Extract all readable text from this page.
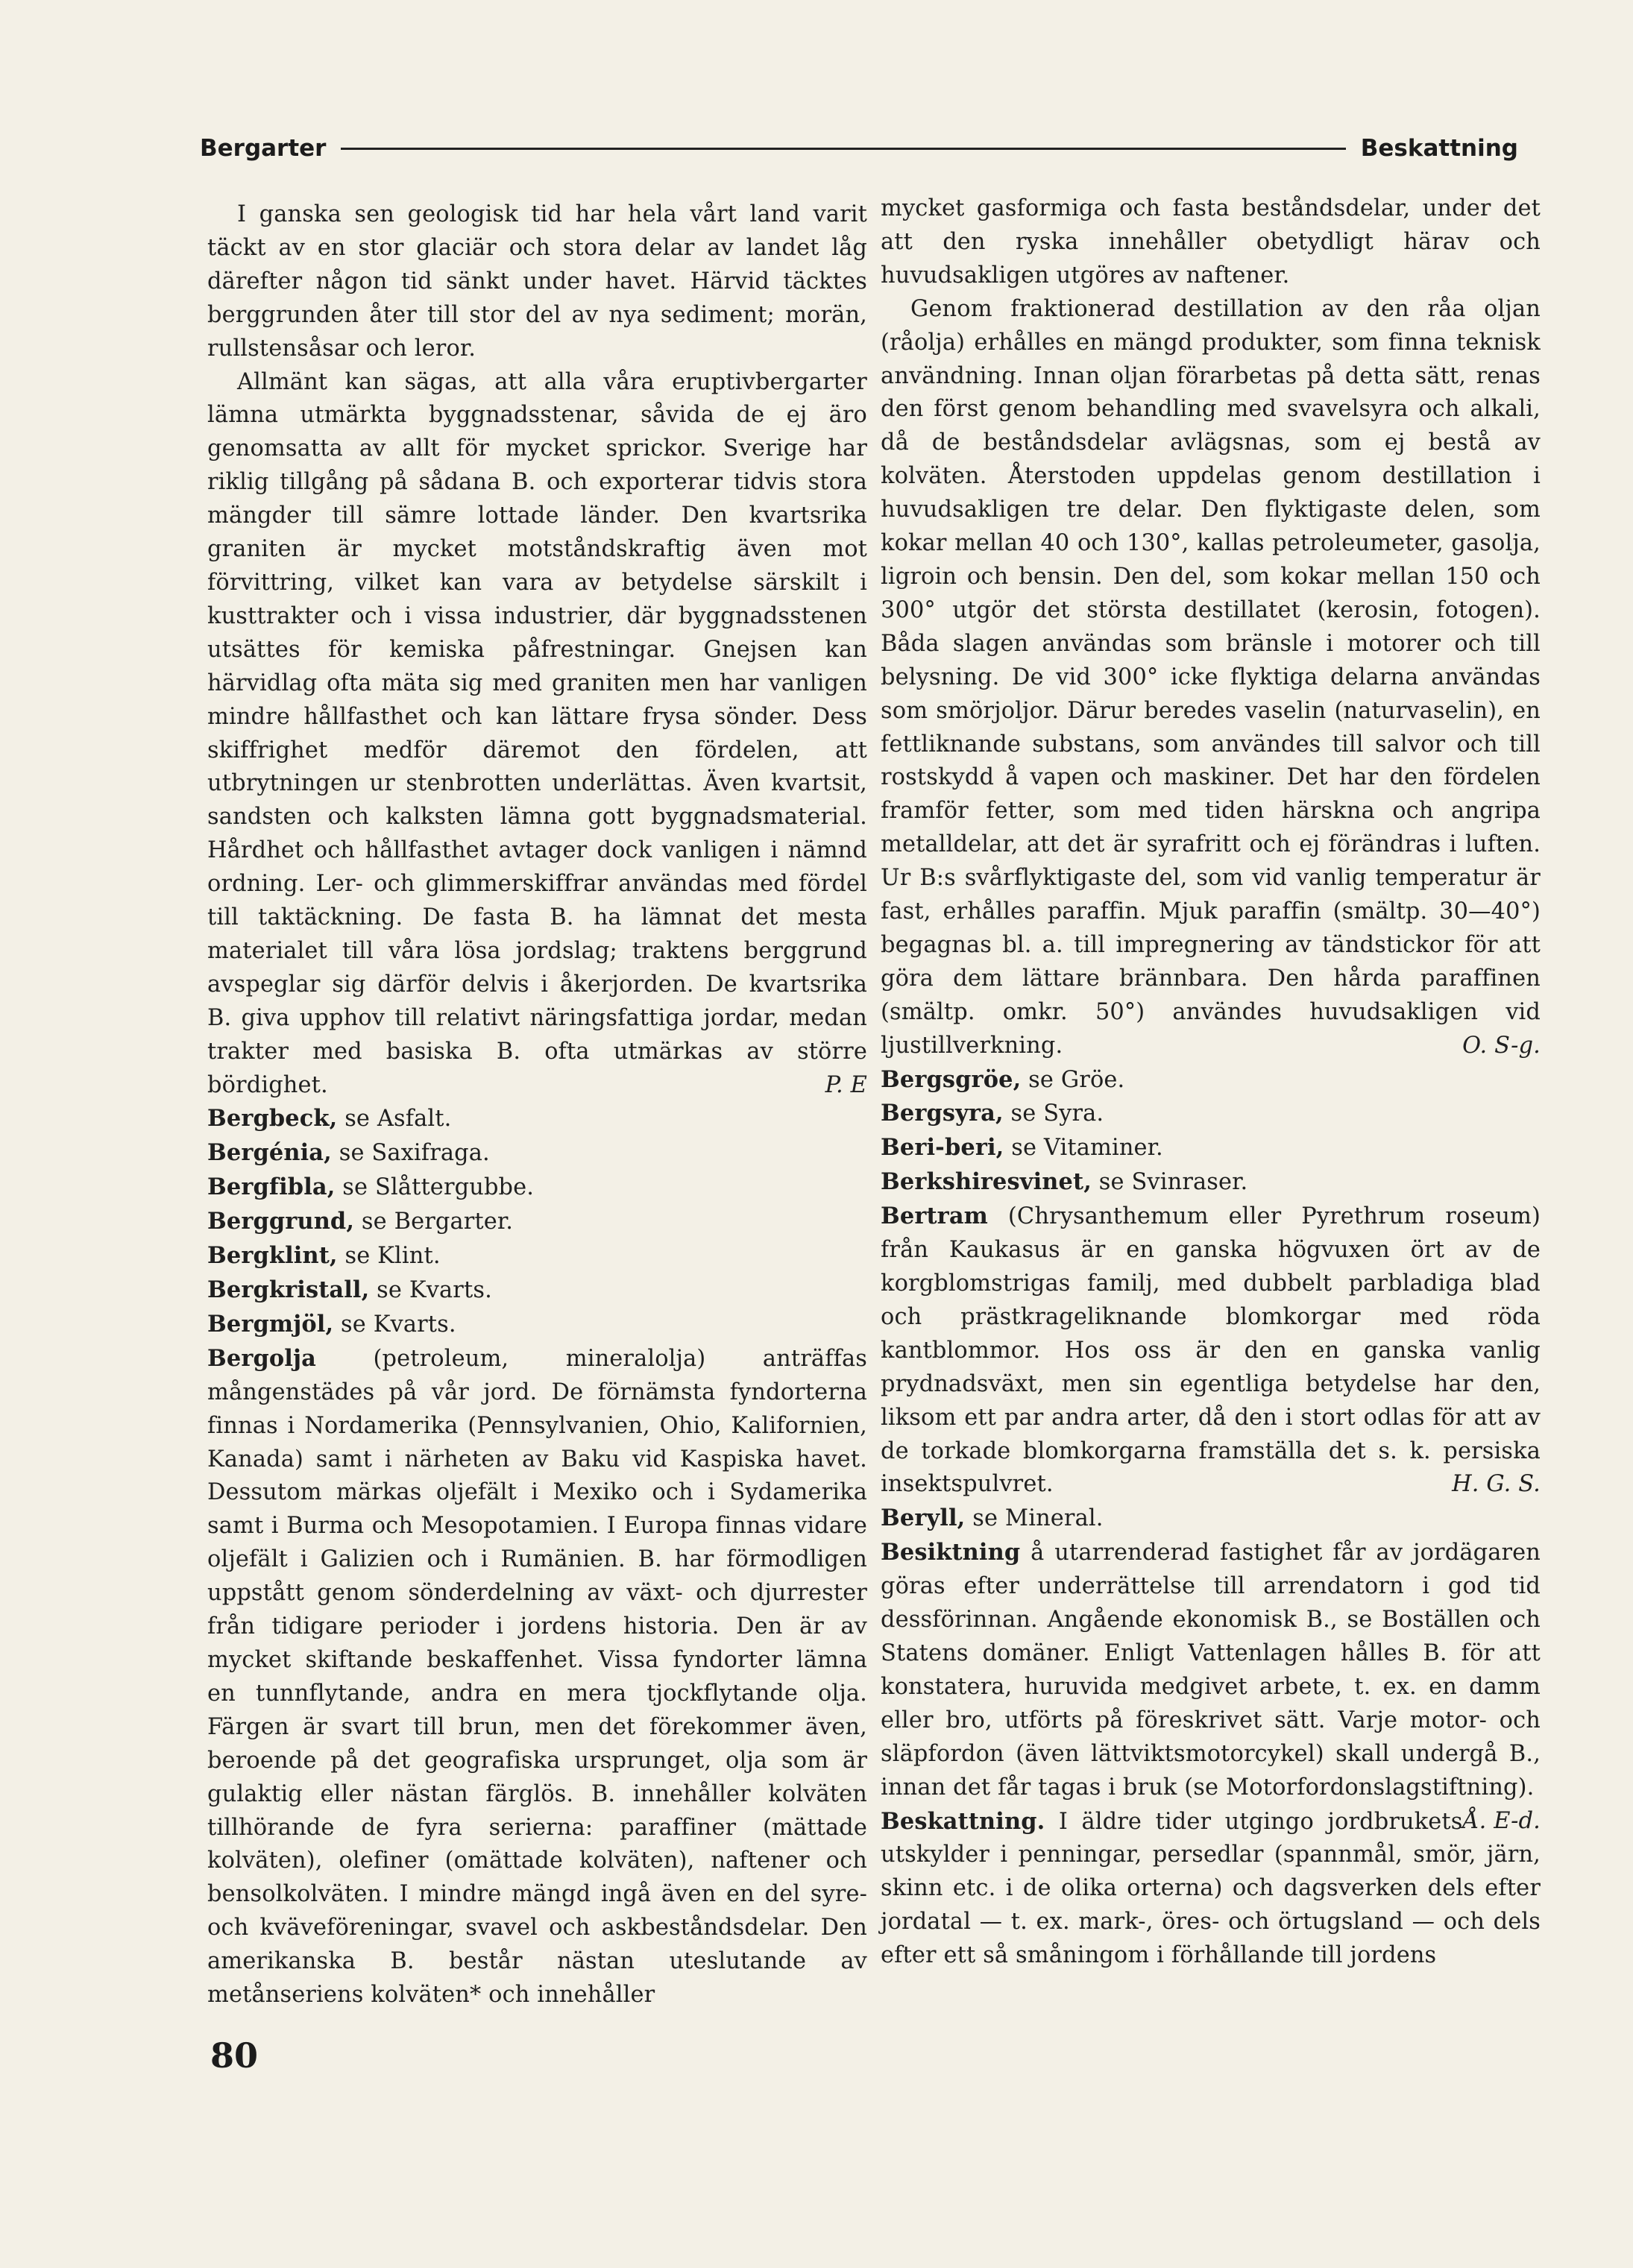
Bergarter	Beskattning

I ganska sen geologisk tid har hela vårt land varit täckt av en stor glaciär och stora delar av landet låg därefter någon tid sänkt under havet. Härvid täcktes berggrunden åter till stor del av nya sediment; morän, rullstensåsar och leror.

Allmänt kan sägas, att alla våra eruptivbergarter lämna utmärkta byggnadsstenar, såvida de ej äro genomsatta av allt för mycket sprickor. Sverige har riklig tillgång på sådana B. och exporterar tidvis stora mängder till sämre lottade länder. Den kvartsrika graniten är mycket motståndskraftig även mot förvittring, vilket kan vara av betydelse särskilt i kusttrakter och i vissa industrier, där byggnadsstenen utsättes för kemiska påfrestningar. Gnejsen kan härvidlag ofta mäta sig med graniten men har vanligen mindre hållfasthet och kan lättare frysa sönder. Dess skiffrighet medför däremot den fördelen, att utbrytningen ur stenbrotten underlättas. Även kvartsit, sandsten och kalksten lämna gott byggnadsmaterial. Hårdhet och hållfasthet avtager dock vanligen i nämnd ordning. Ler- och glimmerskiffrar användas med fördel till taktäckning. De fasta B. ha lämnat det mesta materialet till våra lösa jordslag; traktens berggrund avspeglar sig därför delvis i åkerjorden. De kvartsrika B. giva upphov till relativt näringsfattiga jordar, medan trakter med basiska B. ofta utmärkas av större bördighet.	P. E

Bergbeck, se Asfalt.

Bergénia, se Saxifraga.

Bergfibla, se Slåttergubbe.

Berggrund, se Bergarter.

Bergklint, se Klint.

Bergkristall, se Kvarts.

Bergmjöl, se Kvarts.

Bergolja	(petroleum, mineralolja) anträffas mångenstädes på vår jord. De förnämsta fyndorterna finnas i Nordamerika (Pennsylvanien, Ohio, Kalifornien, Kanada) samt i närheten av Baku vid Kaspiska havet. Dessutom märkas oljefält i Mexiko och i Sydamerika samt i Burma och Mesopotamien. I Europa finnas vidare oljefält i Galizien och i Rumänien. B. har förmodligen uppstått genom sönderdelning av växt- och djurrester från tidigare perioder i jordens historia. Den är av mycket skiftande beskaffenhet. Vissa fyndorter lämna en tunnflytande, andra en mera tjockflytande olja. Färgen är svart till brun, men det förekommer även, beroende på det geografiska ursprunget, olja som är gulaktig eller nästan färglös. B. innehåller kolväten tillhörande de fyra serierna: paraffiner (mättade kolväten), olefiner (omättade kolväten), naftener och bensolkolväten. I mindre mängd ingå även en del syre- och kväveföreningar, svavel och askbeståndsdelar. Den amerikanska B. består nästan uteslutande av metånseriens kolväten* och innehåller

mycket gasformiga och fasta beståndsdelar, under det att den ryska innehåller obetydligt härav och huvudsakligen utgöres av naftener.

Genom fraktionerad destillation av den råa oljan (råolja) erhålles en mängd produkter, som finna teknisk användning. Innan oljan förarbetas på detta sätt, renas den först genom behandling med svavelsyra och alkali, då de beståndsdelar avlägsnas, som ej bestå av kolväten. Återstoden uppdelas genom destillation i huvudsakligen tre delar. Den flyktigaste delen, som kokar mellan 40 och 130°, kallas petroleumeter, gasolja, ligroin och bensin. Den del, som kokar mellan 150 och 300° utgör det största destillatet (kerosin, fotogen). Båda slagen användas som bränsle i motorer och till belysning. De vid 300° icke flyktiga delarna användas som smörjoljor. Därur beredes vaselin (naturvaselin), en fettliknande substans, som användes till salvor och till rostskydd å vapen och maskiner. Det har den fördelen framför fetter, som med tiden härskna och angripa metalldelar, att det är syrafritt och ej förändras i luften. Ur B:s svårflyktigaste del, som vid vanlig temperatur är fast, erhålles paraffin. Mjuk paraffin (smältp. 30—40°) begagnas bl. a. till impregnering av tändstickor för att göra dem lättare brännbara. Den hårda paraffinen (smältp. omkr. 50°) användes huvudsakligen vid ljustillverkning.	O. S-g.

Bergsgröe, se Gröe.

Bergsyra, se Syra.

Beri-beri, se Vitaminer.

Berkshiresvinet, se Svinraser.

Bertram (Chrysanthemum eller Pyrethrum roseum) från Kaukasus är en ganska högvuxen ört av de korgblomstrigas familj, med dubbelt parbladiga blad och prästkrageliknande blomkorgar med röda kantblommor. Hos oss är den en ganska vanlig prydnadsväxt, men sin egentliga betydelse har den, liksom ett par andra arter, då den i stort odlas för att av de torkade blomkorgarna framställa det s. k. persiska insektspulvret.	H. G. S.

Beryll, se Mineral.

Besiktning å utarrenderad fastighet får av jordägaren göras efter underrättelse till arrendatorn i god tid dessförinnan. Angående ekonomisk B., se Boställen och Statens domäner. Enligt Vattenlagen hålles B. för att konstatera, huruvida medgivet arbete, t. ex. en damm eller bro, utförts på föreskrivet sätt. Varje motor- och släpfordon (även lättviktsmotorcykel) skall undergå B., innan det får tagas i bruk (se Motorfordonslagstiftning).
Å. E-d.

Beskattning. I äldre tider utgingo jordbrukets utskylder i penningar, persedlar (spannmål, smör, järn, skinn etc. i de olika orterna) och dagsverken dels efter jordatal — t. ex. mark-, öres- och örtugsland — och dels efter ett så småningom i förhållande till jordens

80
